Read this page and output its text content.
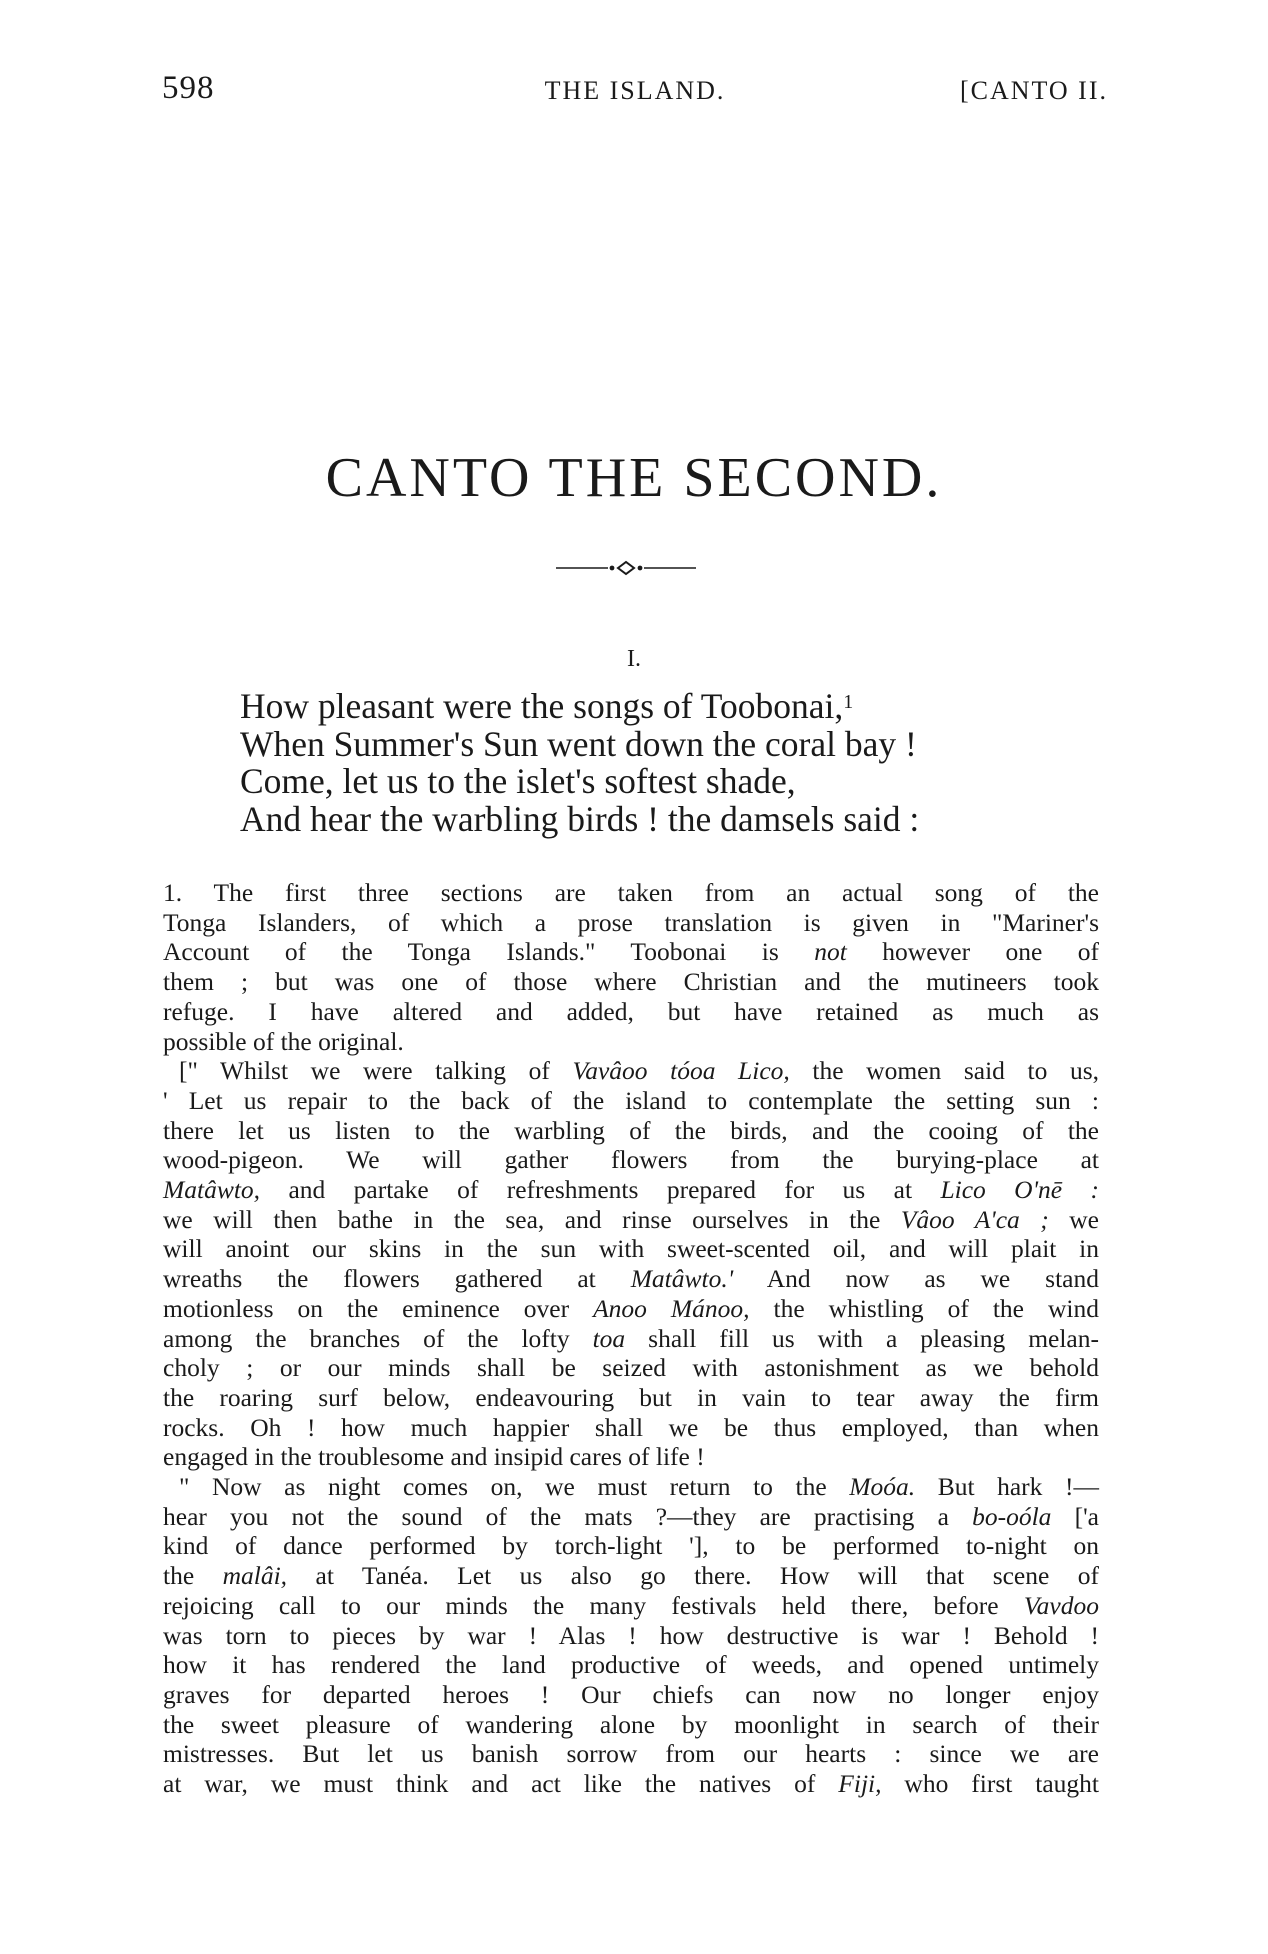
598	THE ISLAND.	[CANTO II.
CANTO THE SECOND.
I.
How pleasant were the songs of Toobonai,$^1$
When Summer's Sun went down the coral bay !
Come, let us to the islet's softest shade,
And hear the warbling birds ! the damsels said :

1. The first three sections are taken from an actual song of the

Tonga Islanders, of which a prose translation is given in "Mariner's

Account of the Tonga Islands." Toobonai is not however one of

them ; but was one of those where Christian and the mutineers took

refuge. I have altered and added, but have retained as much as

possible of the original.

[" Whilst we were talking of Vavâoo tóoa Lico, the women said to us,

' Let us repair to the back of the island to contemplate the setting sun :

there let us listen to the warbling of the birds, and the cooing of the

wood-pigeon. We will gather flowers from the burying-place at

Matâwto, and partake of refreshments prepared for us at Lico O'nē :

we will then bathe in the sea, and rinse ourselves in the Vâoo A'ca ; we

will anoint our skins in the sun with sweet-scented oil, and will plait in

wreaths the flowers gathered at Matâwto.' And now as we stand

motionless on the eminence over Anoo Mánoo, the whistling of the wind

among the branches of the lofty toa shall fill us with a pleasing melan-

choly ; or our minds shall be seized with astonishment as we behold

the roaring surf below, endeavouring but in vain to tear away the firm

rocks. Oh ! how much happier shall we be thus employed, than when

engaged in the troublesome and insipid cares of life !

" Now as night comes on, we must return to the Moóa. But hark !—

hear you not the sound of the mats ?—they are practising a bo-oóla ['a

kind of dance performed by torch-light '], to be performed to-night on

the malâi, at Tanéa. Let us also go there. How will that scene of

rejoicing call to our minds the many festivals held there, before Vavdoo

was torn to pieces by war ! Alas ! how destructive is war ! Behold !

how it has rendered the land productive of weeds, and opened untimely

graves for departed heroes ! Our chiefs can now no longer enjoy

the sweet pleasure of wandering alone by moonlight in search of their

mistresses. But let us banish sorrow from our hearts : since we are

at war, we must think and act like the natives of Fiji, who first taught
